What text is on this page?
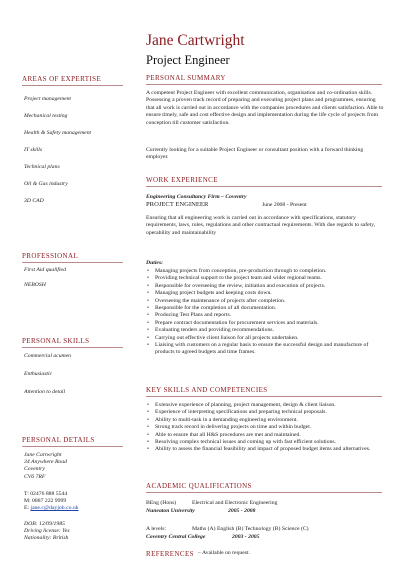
Jane Cartwright
Project Engineer
AREAS OF EXPERTISE
Project management
Mechanical testing
Health & Safety management
IT skills
Technical plans
Oil & Gas industry
3D CAD
PROFESSIONAL
First Aid qualified
NEBOSH
PERSONAL SKILLS
Commercial acumen
Enthusiastic
Attention to detail
PERSONAL DETAILS
Jane Cartwright
34 Anywhere Road
Coventry
CV6 7RF
T: 02476 888 5544
M: 0887 222 9999
E: jane.c@dayjob.co.uk
DOB: 12/09/1985
Driving license: Yes
Nationality: British
PERSONAL SUMMARY
A competent Project Engineer with excellent communication, organisation and co-ordination skills. Possessing a proven track record of preparing and executing project plans and programmes, ensuring that all work is carried out in accordance with the companies procedures and clients satisfaction. Able to ensure timely, safe and cost effective design and implementation during the life cycle of projects from conception till customer satisfaction.
Currently looking for a suitable Project Engineer or consultant position with a forward thinking employer.
WORK EXPERIENCE
Engineering Consultancy Firm – Coventry
PROJECT ENGINEER	June 2008 - Present
Ensuring that all engineering work is carried out in accordance with specifications, statutory requirements, laws, rules, regulations and other contractual requirements. With due regards to safety, operability and maintainability
Duties:
• Managing projects from conception, pre-production through to completion.
• Providing technical support to the project team and wider regional teams.
• Responsible for overseeing the review, initiation and execution of projects.
• Managing project budgets and keeping costs down.
• Overseeing the maintenance of projects after completion.
• Responsible for the completion of all documentation.
• Producing Test Plans and reports.
• Prepare contract documentation for procurement services and materials.
• Evaluating tenders and providing recommendations.
• Carrying out effective client liaison for all projects undertaken.
• Liaising with customers on a regular basis to ensure the successful design and manufacture of products to agreed budgets and time frames.
KEY SKILLS AND COMPETENCIES
• Extensive experience of planning, project management, design & client liaison.
• Experience of interpreting specifications and preparing technical proposals.
• Ability to multi-task in a demanding engineering environment.
• Strong track record in delivering projects on time and within budget.
• Able to ensure that all H&S procedures are met and maintained.
• Resolving complex technical issues and coming up with fast efficient solutions.
• Ability to assess the financial feasibility and impact of proposed budget items and alternatives.
ACADEMIC QUALIFICATIONS
BEng (Hons)	Electrical and Electronic Engineering
Nuneaton University	2005 - 2008
A levels:	Maths (A) English (B) Technology (B) Science (C)
Coventry Central College	2003 - 2005
REFERENCES – Available on request.
